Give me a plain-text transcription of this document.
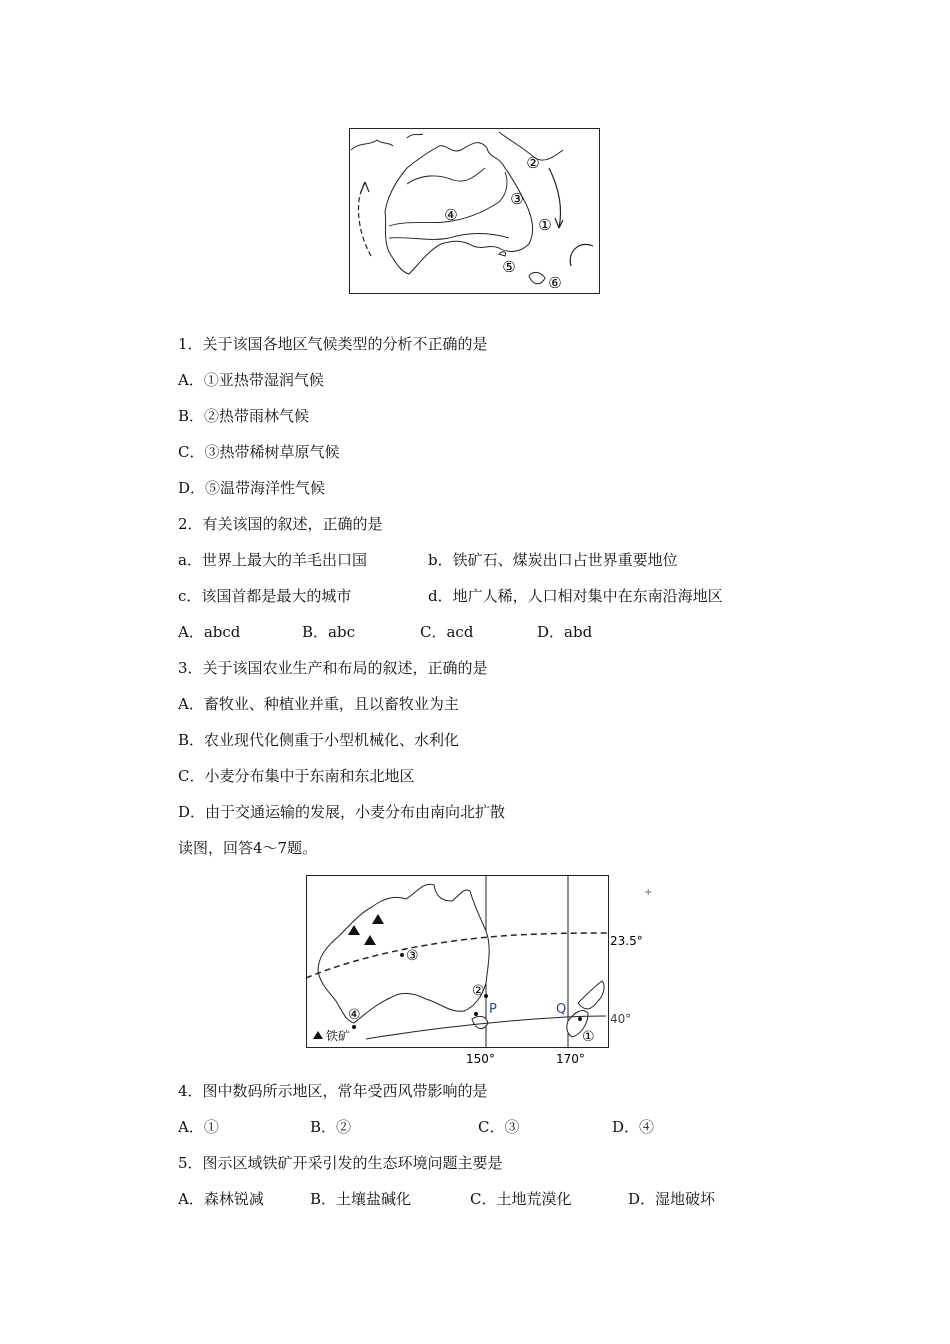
①
②
③
④
⑤
⑥
1．关于该国各地区气候类型的分析不正确的是
A．①亚热带湿润气候
B．②热带雨林气候
C．③热带稀树草原气候
D．⑤温带海洋性气候
2．有关该国的叙述，正确的是
a．世界上最大的羊毛出口国	b．铁矿石、煤炭出口占世界重要地位
c．该国首都是最大的城市	d．地广人稀，人口相对集中在东南沿海地区
A．abcd	B．abc	C．acd	D．abd
3．关于该国农业生产和布局的叙述，正确的是
A．畜牧业、种植业并重，且以畜牧业为主
B．农业现代化侧重于小型机械化、水利化
C．小麦分布集中于东南和东北地区
D．由于交通运输的发展，小麦分布由南向北扩散
读图，回答4～7题。
23.5°
40°
150°	170°
P	Q
①
②
③
④
铁矿
+
4．图中数码所示地区，常年受西风带影响的是
A．①	B．②	C．③	D．④
5．图示区域铁矿开采引发的生态环境问题主要是
A．森林锐减	B．土壤盐碱化	C．土地荒漠化	D．湿地破坏
